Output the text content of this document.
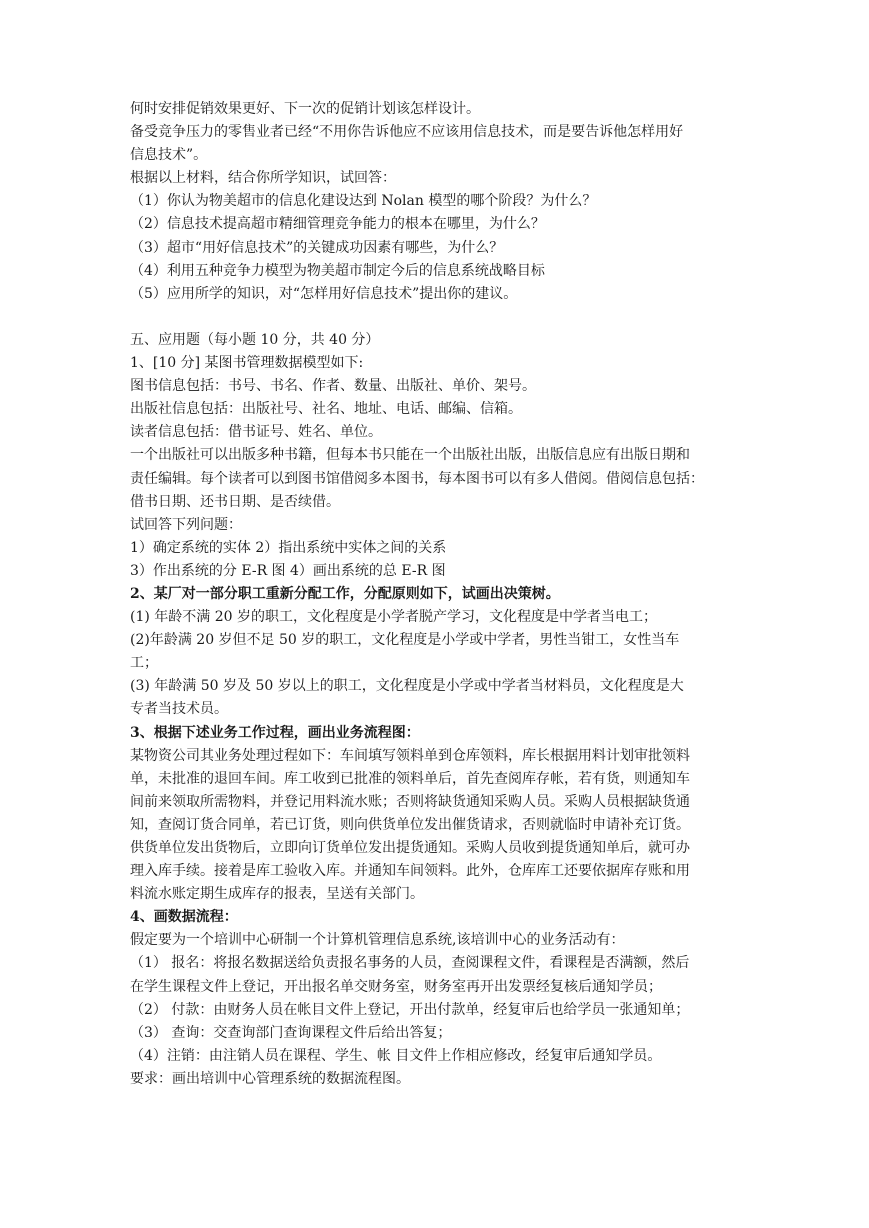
何时安排促销效果更好、下一次的促销计划该怎样设计。

备受竞争压力的零售业者已经“不用你告诉他应不应该用信息技术，而是要告诉他怎样用好

信息技术”。

根据以上材料，结合你所学知识，试回答：

（1）你认为物美超市的信息化建设达到 Nolan 模型的哪个阶段？为什么？

（2）信息技术提高超市精细管理竞争能力的根本在哪里，为什么？

（3）超市“用好信息技术”的关键成功因素有哪些，为什么？

（4）利用五种竞争力模型为物美超市制定今后的信息系统战略目标

（5）应用所学的知识，对“怎样用好信息技术”提出你的建议。

五、应用题（每小题 10 分，共 40 分）

1、[10 分] 某图书管理数据模型如下:

图书信息包括：书号、书名、作者、数量、出版社、单价、架号。

出版社信息包括：出版社号、社名、地址、电话、邮编、信箱。

读者信息包括：借书证号、姓名、单位。

一个出版社可以出版多种书籍，但每本书只能在一个出版社出版，出版信息应有出版日期和

责任编辑。每个读者可以到图书馆借阅多本图书，每本图书可以有多人借阅。借阅信息包括：

借书日期、还书日期、是否续借。

试回答下列问题：

1）确定系统的实体 2）指出系统中实体之间的关系

3）作出系统的分 E-R 图 4）画出系统的总 E-R 图

2、某厂对一部分职工重新分配工作，分配原则如下，试画出决策树。

(1) 年龄不满 20 岁的职工，文化程度是小学者脱产学习，文化程度是中学者当电工；

(2)年龄满 20 岁但不足 50 岁的职工，文化程度是小学或中学者，男性当钳工，女性当车

工；

(3) 年龄满 50 岁及 50 岁以上的职工，文化程度是小学或中学者当材料员，文化程度是大

专者当技术员。

3、根据下述业务工作过程，画出业务流程图：

某物资公司其业务处理过程如下：车间填写领料单到仓库领料，库长根据用料计划审批领料

单，未批准的退回车间。库工收到已批准的领料单后，首先查阅库存帐，若有货，则通知车

间前来领取所需物料，并登记用料流水账；否则将缺货通知采购人员。采购人员根据缺货通

知，查阅订货合同单，若已订货，则向供货单位发出催货请求，否则就临时申请补充订货。

供货单位发出货物后，立即向订货单位发出提货通知。采购人员收到提货通知单后，就可办

理入库手续。接着是库工验收入库。并通知车间领料。此外，仓库库工还要依据库存账和用

料流水账定期生成库存的报表，呈送有关部门。

4、画数据流程：

假定要为一个培训中心研制一个计算机管理信息系统,该培训中心的业务活动有：

（1） 报名：将报名数据送给负责报名事务的人员，查阅课程文件，看课程是否满额，然后

在学生课程文件上登记，开出报名单交财务室，财务室再开出发票经复核后通知学员；

（2） 付款：由财务人员在帐目文件上登记，开出付款单，经复审后也给学员一张通知单；

（3） 查询：交查询部门查询课程文件后给出答复；

（4）注销：由注销人员在课程、学生、帐 目文件上作相应修改，经复审后通知学员。

要求：画出培训中心管理系统的数据流程图。
